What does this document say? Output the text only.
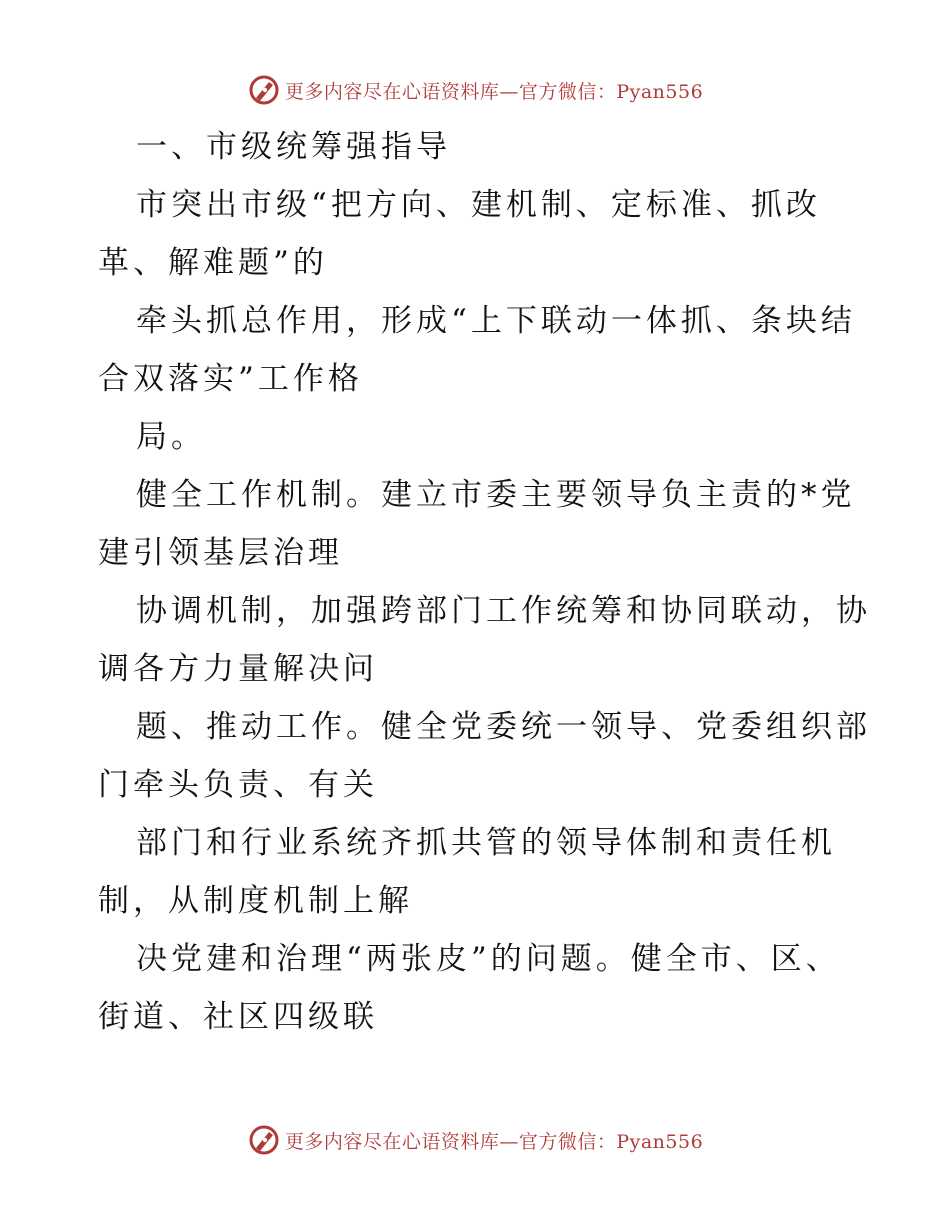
更多内容尽在心语资料库—官方微信：Pyan556
一、市级统筹强指导
市突出市级“把方向、建机制、定标准、抓改
革、解难题”的
牵头抓总作用，形成“上下联动一体抓、条块结
合双落实”工作格
局。
健全工作机制。建立市委主要领导负主责的*党
建引领基层治理
协调机制，加强跨部门工作统筹和协同联动，协
调各方力量解决问
题、推动工作。健全党委统一领导、党委组织部
门牵头负责、有关
部门和行业系统齐抓共管的领导体制和责任机
制，从制度机制上解
决党建和治理“两张皮”的问题。健全市、区、
街道、社区四级联
更多内容尽在心语资料库—官方微信：Pyan556
